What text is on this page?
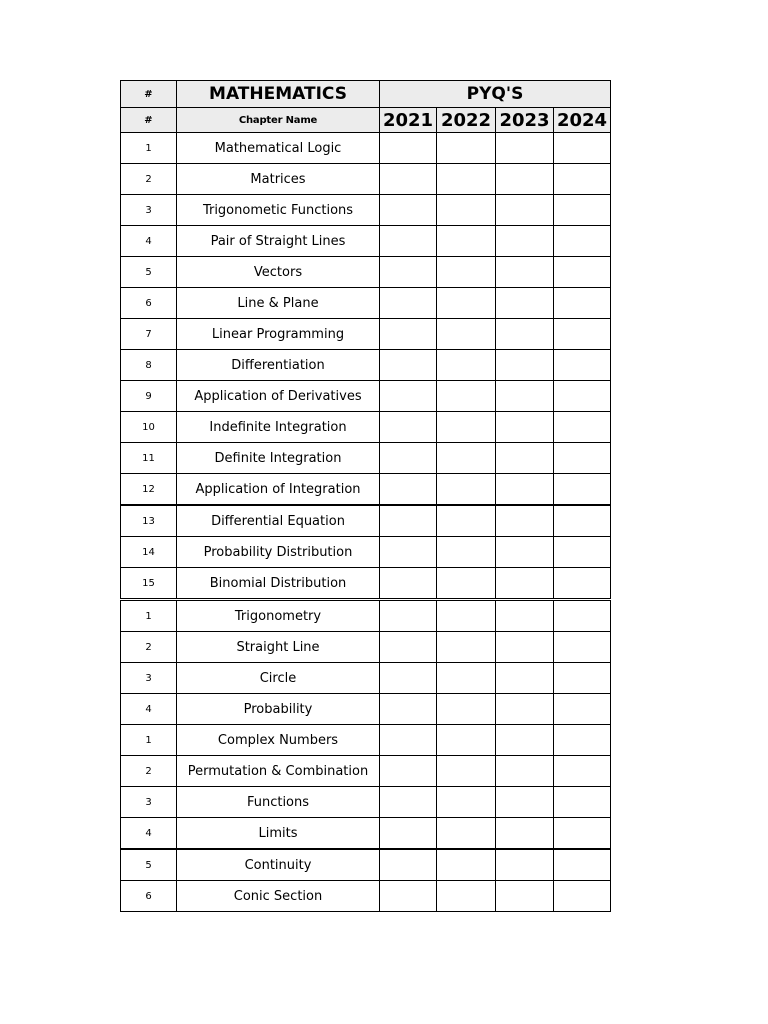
#	MATHEMATICS	PYQ'S			
#	Chapter Name	2021	2022	2023	2024
1	Mathematical Logic				
2	Matrices				
3	Trigonometic Functions				
4	Pair of Straight Lines				
5	Vectors				
6	Line & Plane				
7	Linear Programming				
8	Differentiation				
9	Application of Derivatives				
10	Indefinite Integration				
11	Definite Integration				
12	Application of Integration				
13	Differential Equation				
14	Probability Distribution				
15	Binomial Distribution				
1	Trigonometry				
2	Straight Line				
3	Circle				
4	Probability				
1	Complex Numbers				
2	Permutation & Combination				
3	Functions				
4	Limits				
5	Continuity				
6	Conic Section				
